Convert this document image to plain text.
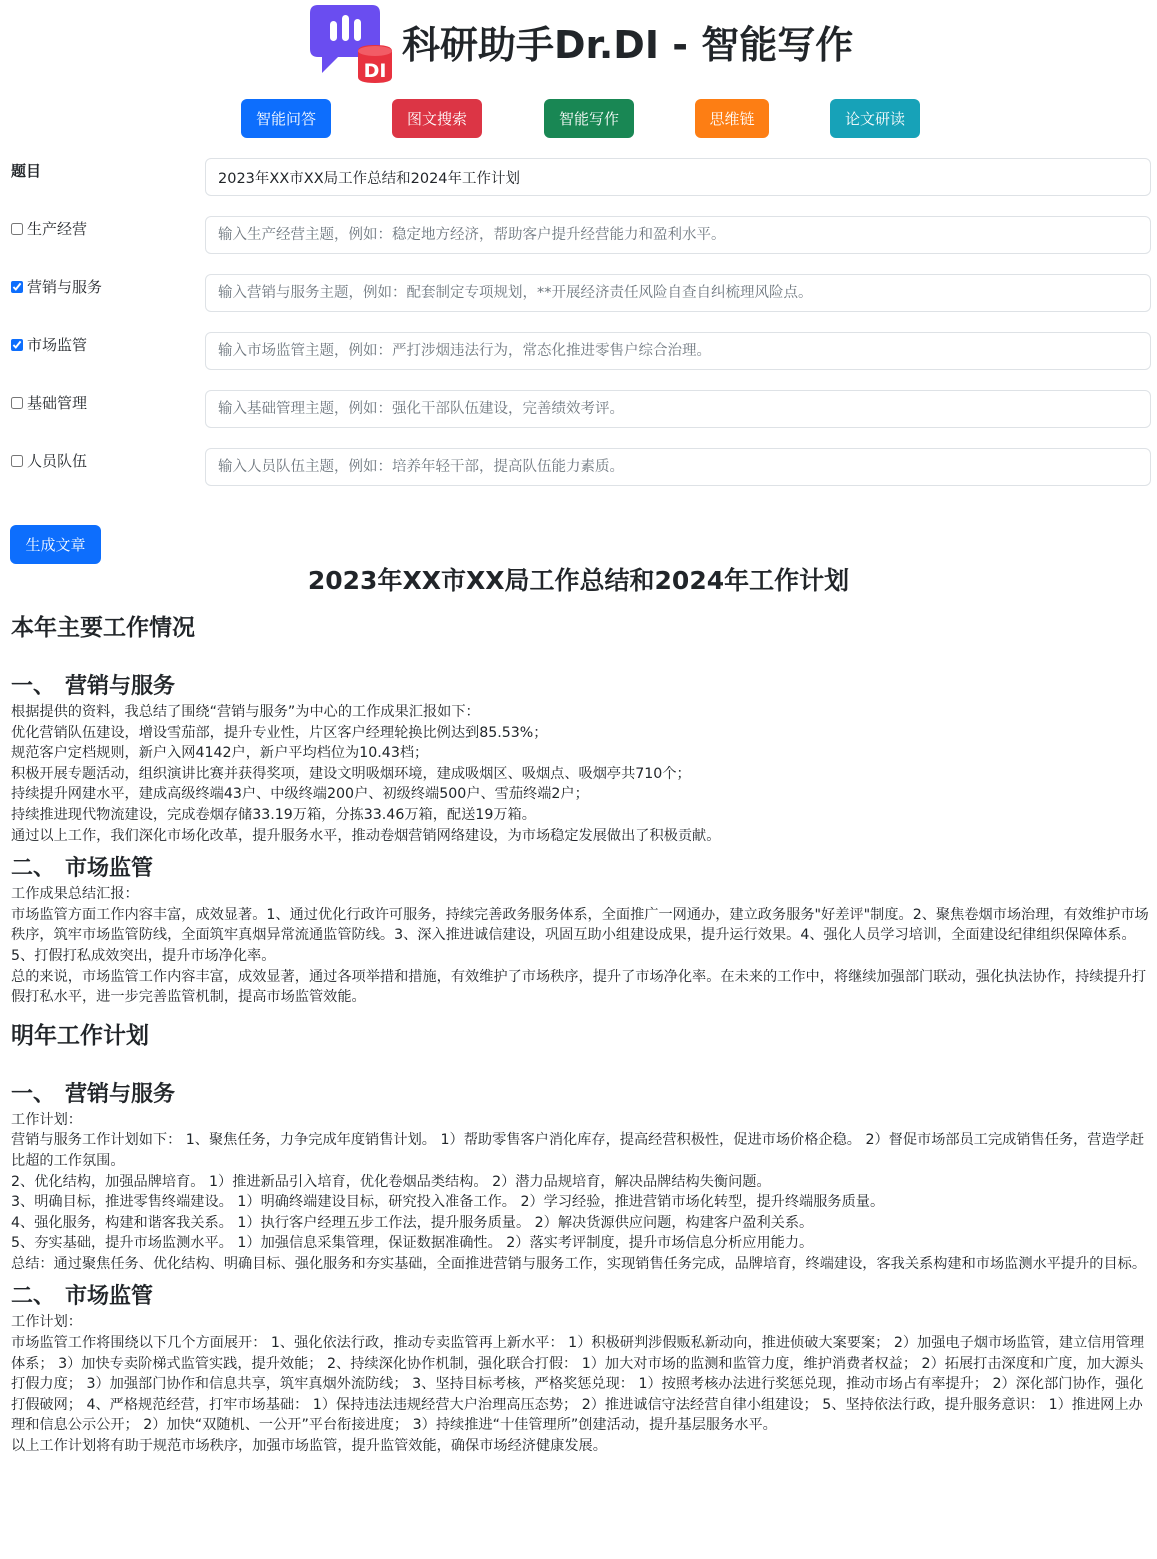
DI
科研助手Dr.DI - 智能写作
智能问答	图文搜索	智能写作	思维链	论文研读
题目
2023年XX市XX局工作总结和2024年工作计划
生产经营
输入生产经营主题，例如：稳定地方经济，帮助客户提升经营能力和盈利水平。
营销与服务
输入营销与服务主题，例如：配套制定专项规划，**开展经济责任风险自查自纠梳理风险点。
市场监管
输入市场监管主题，例如：严打涉烟违法行为，常态化推进零售户综合治理。
基础管理
输入基础管理主题，例如：强化干部队伍建设，完善绩效考评。
人员队伍
输入人员队伍主题，例如：培养年轻干部，提高队伍能力素质。
生成文章
2023年XX市XX局工作总结和2024年工作计划
本年主要工作情况
一、 营销与服务
根据提供的资料，我总结了围绕“营销与服务”为中心的工作成果汇报如下：
优化营销队伍建设，增设雪茄部，提升专业性，片区客户经理轮换比例达到85.53%；
规范客户定档规则，新户入网4142户，新户平均档位为10.43档；
积极开展专题活动，组织演讲比赛并获得奖项，建设文明吸烟环境，建成吸烟区、吸烟点、吸烟亭共710个；
持续提升网建水平，建成高级终端43户、中级终端200户、初级终端500户、雪茄终端2户；
持续推进现代物流建设，完成卷烟存储33.19万箱，分拣33.46万箱，配送19万箱。
通过以上工作，我们深化市场化改革，提升服务水平，推动卷烟营销网络建设，为市场稳定发展做出了积极贡献。
二、 市场监管
工作成果总结汇报：
市场监管方面工作内容丰富，成效显著。1、通过优化行政许可服务，持续完善政务服务体系，全面推广一网通办，建立政务服务"好差评"制度。2、聚焦卷烟市场治理，有效维护市场秩序，筑牢市场监管防线，全面筑牢真烟异常流通监管防线。3、深入推进诚信建设，巩固互助小组建设成果，提升运行效果。4、强化人员学习培训，全面建设纪律组织保障体系。5、打假打私成效突出，提升市场净化率。
总的来说，市场监管工作内容丰富，成效显著，通过各项举措和措施，有效维护了市场秩序，提升了市场净化率。在未来的工作中，将继续加强部门联动，强化执法协作，持续提升打假打私水平，进一步完善监管机制，提高市场监管效能。
明年工作计划
一、 营销与服务
工作计划：
营销与服务工作计划如下： 1、聚焦任务，力争完成年度销售计划。 1）帮助零售客户消化库存，提高经营积极性，促进市场价格企稳。 2）督促市场部员工完成销售任务，营造学赶比超的工作氛围。
2、优化结构，加强品牌培育。 1）推进新品引入培育，优化卷烟品类结构。 2）潜力品规培育，解决品牌结构失衡问题。
3、明确目标，推进零售终端建设。 1）明确终端建设目标，研究投入准备工作。 2）学习经验，推进营销市场化转型，提升终端服务质量。
4、强化服务，构建和谐客我关系。 1）执行客户经理五步工作法，提升服务质量。 2）解决货源供应问题，构建客户盈利关系。
5、夯实基础，提升市场监测水平。 1）加强信息采集管理，保证数据准确性。 2）落实考评制度，提升市场信息分析应用能力。
总结：通过聚焦任务、优化结构、明确目标、强化服务和夯实基础，全面推进营销与服务工作，实现销售任务完成，品牌培育，终端建设，客我关系构建和市场监测水平提升的目标。
二、 市场监管
工作计划：
市场监管工作将围绕以下几个方面展开： 1、强化依法行政，推动专卖监管再上新水平： 1）积极研判涉假贩私新动向，推进侦破大案要案； 2）加强电子烟市场监管，建立信用管理体系； 3）加快专卖阶梯式监管实践，提升效能； 2、持续深化协作机制，强化联合打假： 1）加大对市场的监测和监管力度，维护消费者权益； 2）拓展打击深度和广度，加大源头打假力度； 3）加强部门协作和信息共享，筑牢真烟外流防线； 3、坚持目标考核，严格奖惩兑现： 1）按照考核办法进行奖惩兑现，推动市场占有率提升； 2）深化部门协作，强化打假破网； 4、严格规范经营，打牢市场基础： 1）保持违法违规经营大户治理高压态势； 2）推进诚信守法经营自律小组建设； 5、坚持依法行政，提升服务意识： 1）推进网上办理和信息公示公开； 2）加快“双随机、一公开”平台衔接进度； 3）持续推进“十佳管理所”创建活动，提升基层服务水平。
以上工作计划将有助于规范市场秩序，加强市场监管，提升监管效能，确保市场经济健康发展。
